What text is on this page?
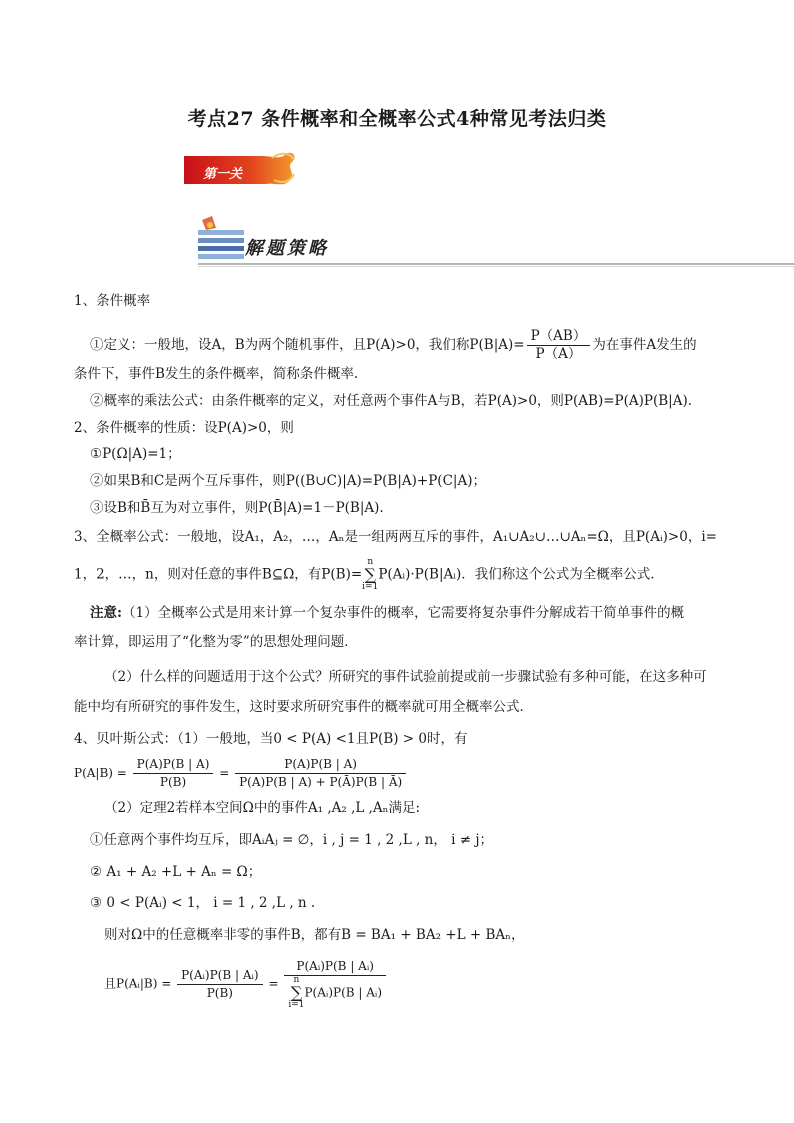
考点27 条件概率和全概率公式4种常见考法归类
第一关
解题策略
1、条件概率
①定义：一般地，设A，B为两个随机事件，且P(A)>0，我们称$P(B|A)= \frac{P(AB)}{P(A)}$ 为在事件A发生的
条件下，事件B发生的条件概率，简称条件概率.
②概率的乘法公式：由条件概率的定义，对任意两个事件A与B，若P(A)>0，则P(AB)=P(A)P(B|A).
2、条件概率的性质：设P(A)>0，则
①P(Ω|A)=1；
②如果B和C是两个互斥事件，则P((B∪C)|A)=P(B|A)+P(C|A)；
③设B和B̄互为对立事件，则P(B̄|A)=1－P(B|A).
3、全概率公式：一般地，设A₁，A₂，…，Aₙ是一组两两互斥的事件，A₁∪A₂∪…∪Aₙ=Ω，且P(Aᵢ)>0，i=
1，2，…，n，则对任意的事件B⊆Ω，有P(B)=n
∑
i=1P(Aᵢ)·P(B|Aᵢ)．我们称这个公式为全概率公式.
注意:（1）全概率公式是用来计算一个复杂事件的概率，它需要将复杂事件分解成若干简单事件的概
率计算，即运用了“化整为零”的思想处理问题．
（2）什么样的问题适用于这个公式？所研究的事件试验前提或前一步骤试验有多种可能，在这多种可
能中均有所研究的事件发生，这时要求所研究事件的概率就可用全概率公式．
4、贝叶斯公式：（1）一般地，当0 < P(A) <1且P(B) > 0时，有
$P(A|B) = \frac{P(A)P(B | A)}{P(B)} = \frac{P(A)P(B | A)}{P(A)P(B | A) + P(Ā)P(B | Ā)}$
（2）定理2若样本空间Ω中的事件A₁ ,A₂ ,L ,Aₙ满足:
①任意两个事件均互斥，即AᵢAⱼ = ∅，i , j = 1 , 2 ,L , n， i ≠ j；
② A₁ + A₂ +L + Aₙ = Ω；
③ 0 < P(Aᵢ) < 1， i = 1 , 2 ,L , n .
则对Ω中的任意概率非零的事件B，都有B = BA₁ + BA₂ +L + BAₙ，
且P(Aᵢ|B) = $\frac{\text{P(Aᵢ)P(B | Aᵢ)}}{P(B)}$ = P(Aᵢ)P(B | Aᵢ)
n
∑
i=1P(Aᵢ)P(B | Aᵢ)
